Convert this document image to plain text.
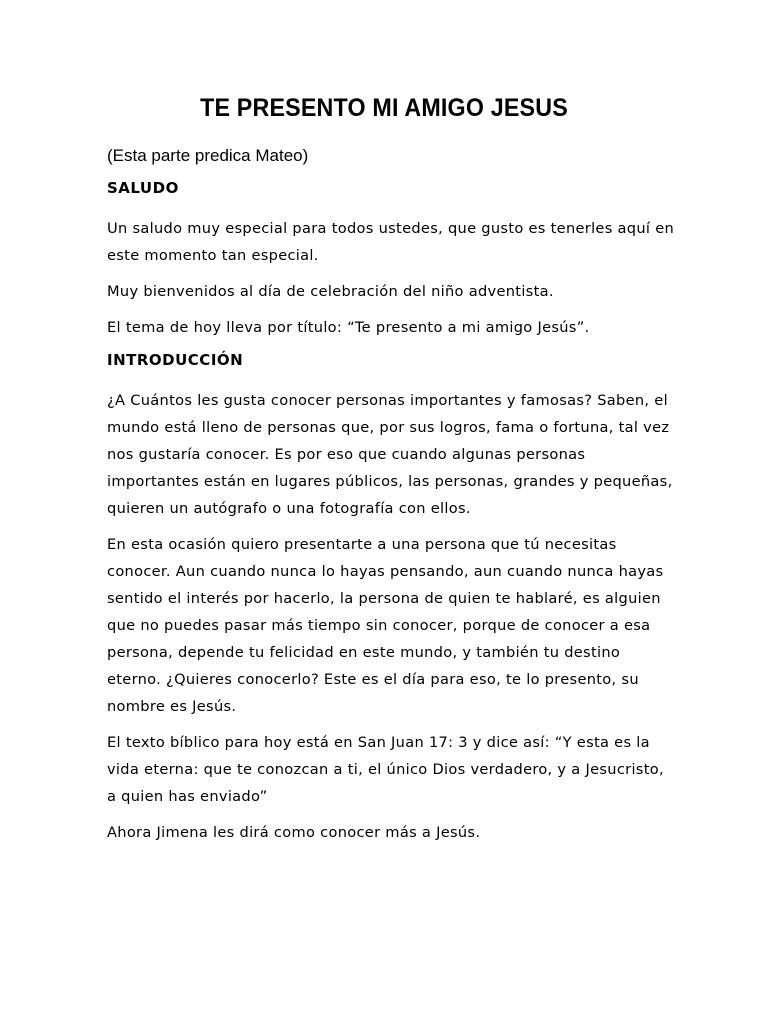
TE PRESENTO MI AMIGO JESUS

(Esta parte predica Mateo)

SALUDO

Un saludo muy especial para todos ustedes, que gusto es tenerles aquí en este momento tan especial.

Muy bienvenidos al día de celebración del niño adventista.

El tema de hoy lleva por título: “Te presento a mi amigo Jesús”.

INTRODUCCIÓN

¿A Cuántos les gusta conocer personas importantes y famosas? Saben, el mundo está lleno de personas que, por sus logros, fama o fortuna, tal vez nos gustaría conocer. Es por eso que cuando algunas personas importantes están en lugares públicos, las personas, grandes y pequeñas, quieren un autógrafo o una fotografía con ellos.

En esta ocasión quiero presentarte a una persona que tú necesitas conocer. Aun cuando nunca lo hayas pensando, aun cuando nunca hayas sentido el interés por hacerlo, la persona de quien te hablaré, es alguien que no puedes pasar más tiempo sin conocer, porque de conocer a esa persona, depende tu felicidad en este mundo, y también tu destino eterno. ¿Quieres conocerlo? Este es el día para eso, te lo presento, su nombre es Jesús.

El texto bíblico para hoy está en San Juan 17: 3 y dice así: “Y esta es la vida eterna: que te conozcan a ti, el único Dios verdadero, y a Jesucristo, a quien has enviado”

Ahora Jimena les dirá como conocer más a Jesús.
